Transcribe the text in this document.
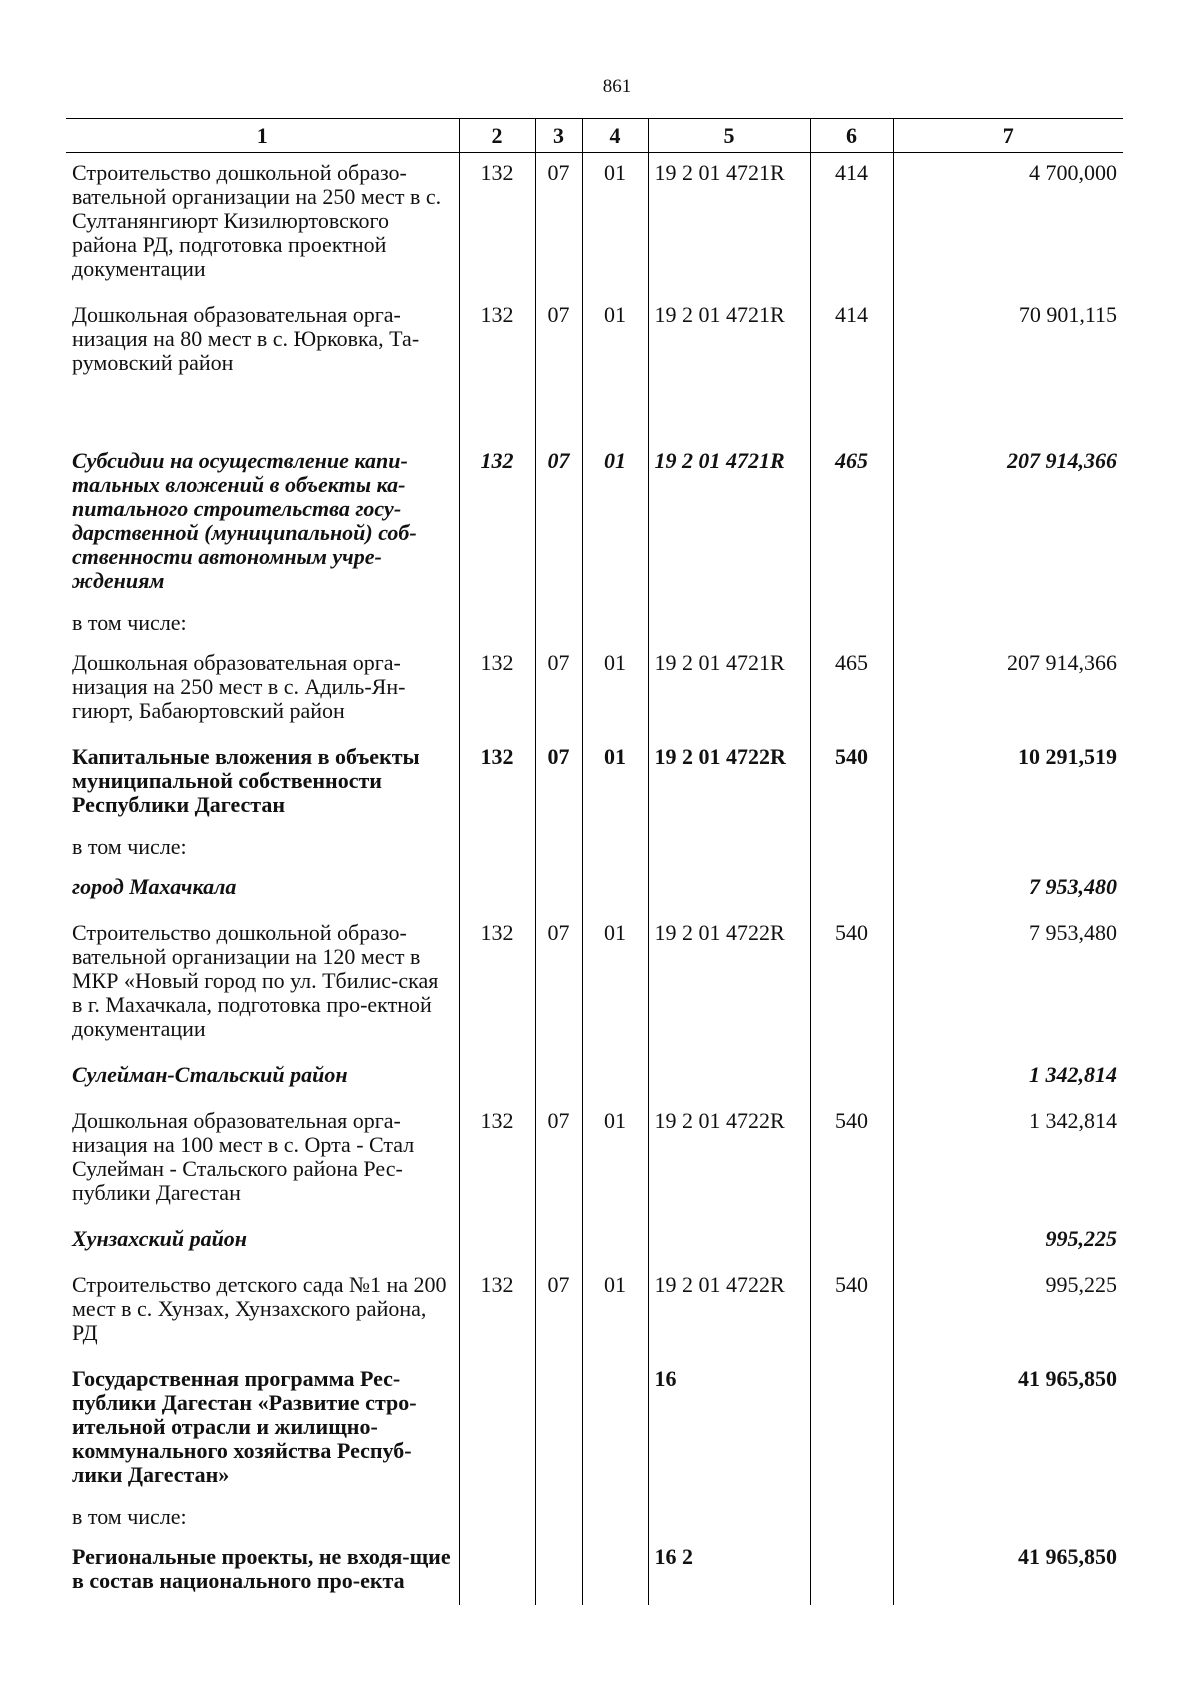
861
1	2	3	4	5	6	7
Строительство дошкольной образо-вательной организации на 250 мест в с. Султанянгиюрт Кизилюртовского района РД, подготовка проектной документации	132	07	01	19 2 01 4721R	414	4 700,000
Дошкольная образовательная орга-низация на 80 мест в с. Юрковка, Та-румовский район	132	07	01	19 2 01 4721R	414	70 901,115
Субсидии на осуществление капи-тальных вложений в объекты ка-питального строительства госу-дарственной (муниципальной) соб-ственности автономным учре-ждениям	132	07	01	19 2 01 4721R	465	207 914,366
в том числе:						
Дошкольная образовательная орга-низация на 250 мест в с. Адиль-Ян-гиюрт, Бабаюртовский район	132	07	01	19 2 01 4721R	465	207 914,366
Капитальные вложения в объекты муниципальной собственности Республики Дагестан	132	07	01	19 2 01 4722R	540	10 291,519
в том числе:						
город Махачкала						7 953,480
Строительство дошкольной образо-вательной организации на 120 мест в МКР «Новый город по ул. Тбилис-ская в г. Махачкала, подготовка про-ектной документации	132	07	01	19 2 01 4722R	540	7 953,480
Сулейман-Стальский район						1 342,814
Дошкольная образовательная орга-низация на 100 мест в с. Орта - Стал Сулейман - Стальского района Рес-публики Дагестан	132	07	01	19 2 01 4722R	540	1 342,814
Хунзахский район						995,225
Строительство детского сада №1 на 200 мест в с. Хунзах, Хунзахского района, РД	132	07	01	19 2 01 4722R	540	995,225
Государственная программа Рес-публики Дагестан «Развитие стро-ительной отрасли и жилищно-коммунального хозяйства Респуб-лики Дагестан»				16		41 965,850
в том числе:						
Региональные проекты, не входя-щие в состав национального про-екта				16 2		41 965,850
